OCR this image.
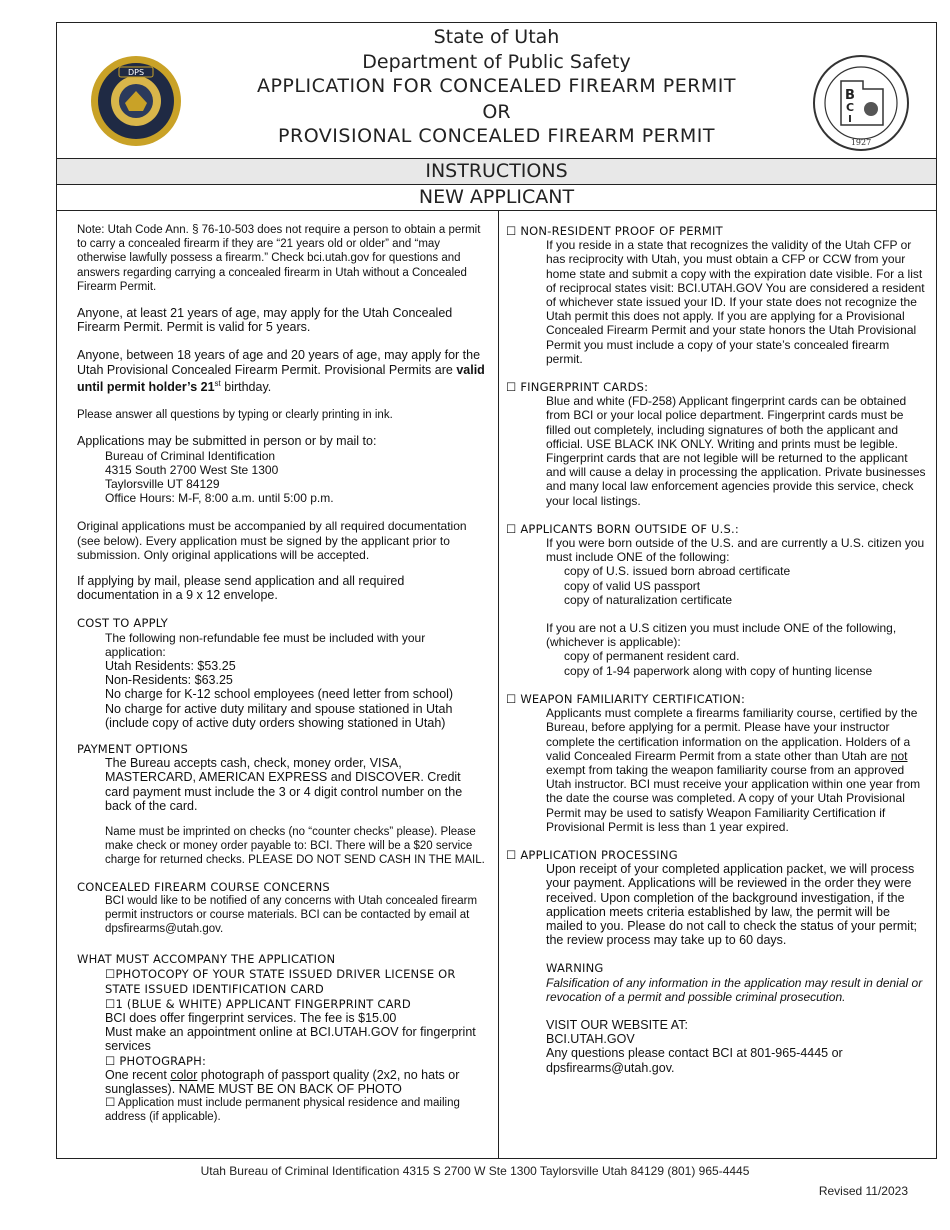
DPS
B
C
I
1927
State of Utah
Department of Public Safety
APPLICATION FOR CONCEALED FIREARM PERMIT
OR
PROVISIONAL CONCEALED FIREARM PERMIT
INSTRUCTIONS
NEW APPLICANT

Note: Utah Code Ann. § 76-10-503 does not require a person to obtain a permit to carry a concealed firearm if they are “21 years old or older” and “may otherwise lawfully possess a firearm.” Check bci.utah.gov for questions and answers regarding carrying a concealed firearm in Utah without a Concealed Firearm Permit.

Anyone, at least 21 years of age, may apply for the Utah Concealed Firearm Permit. Permit is valid for 5 years.

Anyone, between 18 years of age and 20 years of age, may apply for the Utah Provisional Concealed Firearm Permit. Provisional Permits are valid until permit holder’s 21st birthday.

Please answer all questions by typing or clearly printing in ink.

Applications may be submitted in person or by mail to:

Bureau of Criminal Identification
4315 South 2700 West Ste 1300
Taylorsville UT 84129
Office Hours: M-F, 8:00 a.m. until 5:00 p.m.

Original applications must be accompanied by all required documentation (see below). Every application must be signed by the applicant prior to submission. Only original applications will be accepted.

If applying by mail, please send application and all required documentation in a 9 x 12 envelope.

COST TO APPLY

The following non-refundable fee must be included with your application:
Utah Residents: $53.25
Non-Residents: $63.25
No charge for K-12 school employees (need letter from school)
No charge for active duty military and spouse stationed in Utah (include copy of active duty orders showing stationed in Utah)

PAYMENT OPTIONS

The Bureau accepts cash, check, money order, VISA, MASTERCARD, AMERICAN EXPRESS and DISCOVER. Credit card payment must include the 3 or 4 digit control number on the back of the card.

Name must be imprinted on checks (no “counter checks” please). Please make check or money order payable to: BCI. There will be a $20 service charge for returned checks. PLEASE DO NOT SEND CASH IN THE MAIL.

CONCEALED FIREARM COURSE CONCERNS

BCI would like to be notified of any concerns with Utah concealed firearm permit instructors or course materials. BCI can be contacted by email at dpsfirearms@utah.gov.

WHAT MUST ACCOMPANY THE APPLICATION

☐PHOTOCOPY OF YOUR STATE ISSUED DRIVER LICENSE OR STATE ISSUED IDENTIFICATION CARD
☐1 (BLUE & WHITE) APPLICANT FINGERPRINT CARD
BCI does offer fingerprint services. The fee is $15.00
Must make an appointment online at BCI.UTAH.GOV for fingerprint services
☐ PHOTOGRAPH:
One recent color photograph of passport quality (2x2, no hats or sunglasses). NAME MUST BE ON BACK OF PHOTO
☐ Application must include permanent physical residence and mailing address (if applicable).

☐ NON-RESIDENT PROOF OF PERMIT

If you reside in a state that recognizes the validity of the Utah CFP or has reciprocity with Utah, you must obtain a CFP or CCW from your home state and submit a copy with the expiration date visible. For a list of reciprocal states visit: BCI.UTAH.GOV You are considered a resident of whichever state issued your ID. If your state does not recognize the Utah permit this does not apply. If you are applying for a Provisional Concealed Firearm Permit and your state honors the Utah Provisional Permit you must include a copy of your state’s concealed firearm permit.

☐ FINGERPRINT CARDS:

Blue and white (FD-258) Applicant fingerprint cards can be obtained from BCI or your local police department. Fingerprint cards must be filled out completely, including signatures of both the applicant and official. USE BLACK INK ONLY. Writing and prints must be legible. Fingerprint cards that are not legible will be returned to the applicant and will cause a delay in processing the application. Private businesses and many local law enforcement agencies provide this service, check your local listings.

☐ APPLICANTS BORN OUTSIDE OF U.S.:

If you were born outside of the U.S. and are currently a U.S. citizen you must include ONE of the following:
copy of U.S. issued born abroad certificate
copy of valid US passport
copy of naturalization certificate
If you are not a U.S citizen you must include ONE of the following, (whichever is applicable):
copy of permanent resident card.
copy of 1-94 paperwork along with copy of hunting license

☐ WEAPON FAMILIARITY CERTIFICATION:

Applicants must complete a firearms familiarity course, certified by the Bureau, before applying for a permit. Please have your instructor complete the certification information on the application. Holders of a valid Concealed Firearm Permit from a state other than Utah are not exempt from taking the weapon familiarity course from an approved Utah instructor. BCI must receive your application within one year from the date the course was completed. A copy of your Utah Provisional Permit may be used to satisfy Weapon Familiarity Certification if Provisional Permit is less than 1 year expired.

☐ APPLICATION PROCESSING

Upon receipt of your completed application packet, we will process your payment. Applications will be reviewed in the order they were received. Upon completion of the background investigation, if the application meets criteria established by law, the permit will be mailed to you. Please do not call to check the status of your permit; the review process may take up to 60 days.
WARNING
Falsification of any information in the application may result in denial or revocation of a permit and possible criminal prosecution.
VISIT OUR WEBSITE AT:
BCI.UTAH.GOV
Any questions please contact BCI at 801-965-4445 or dpsfirearms@utah.gov.
Utah Bureau of Criminal Identification 4315 S 2700 W Ste 1300 Taylorsville Utah 84129 (801) 965-4445
Revised 11/2023
